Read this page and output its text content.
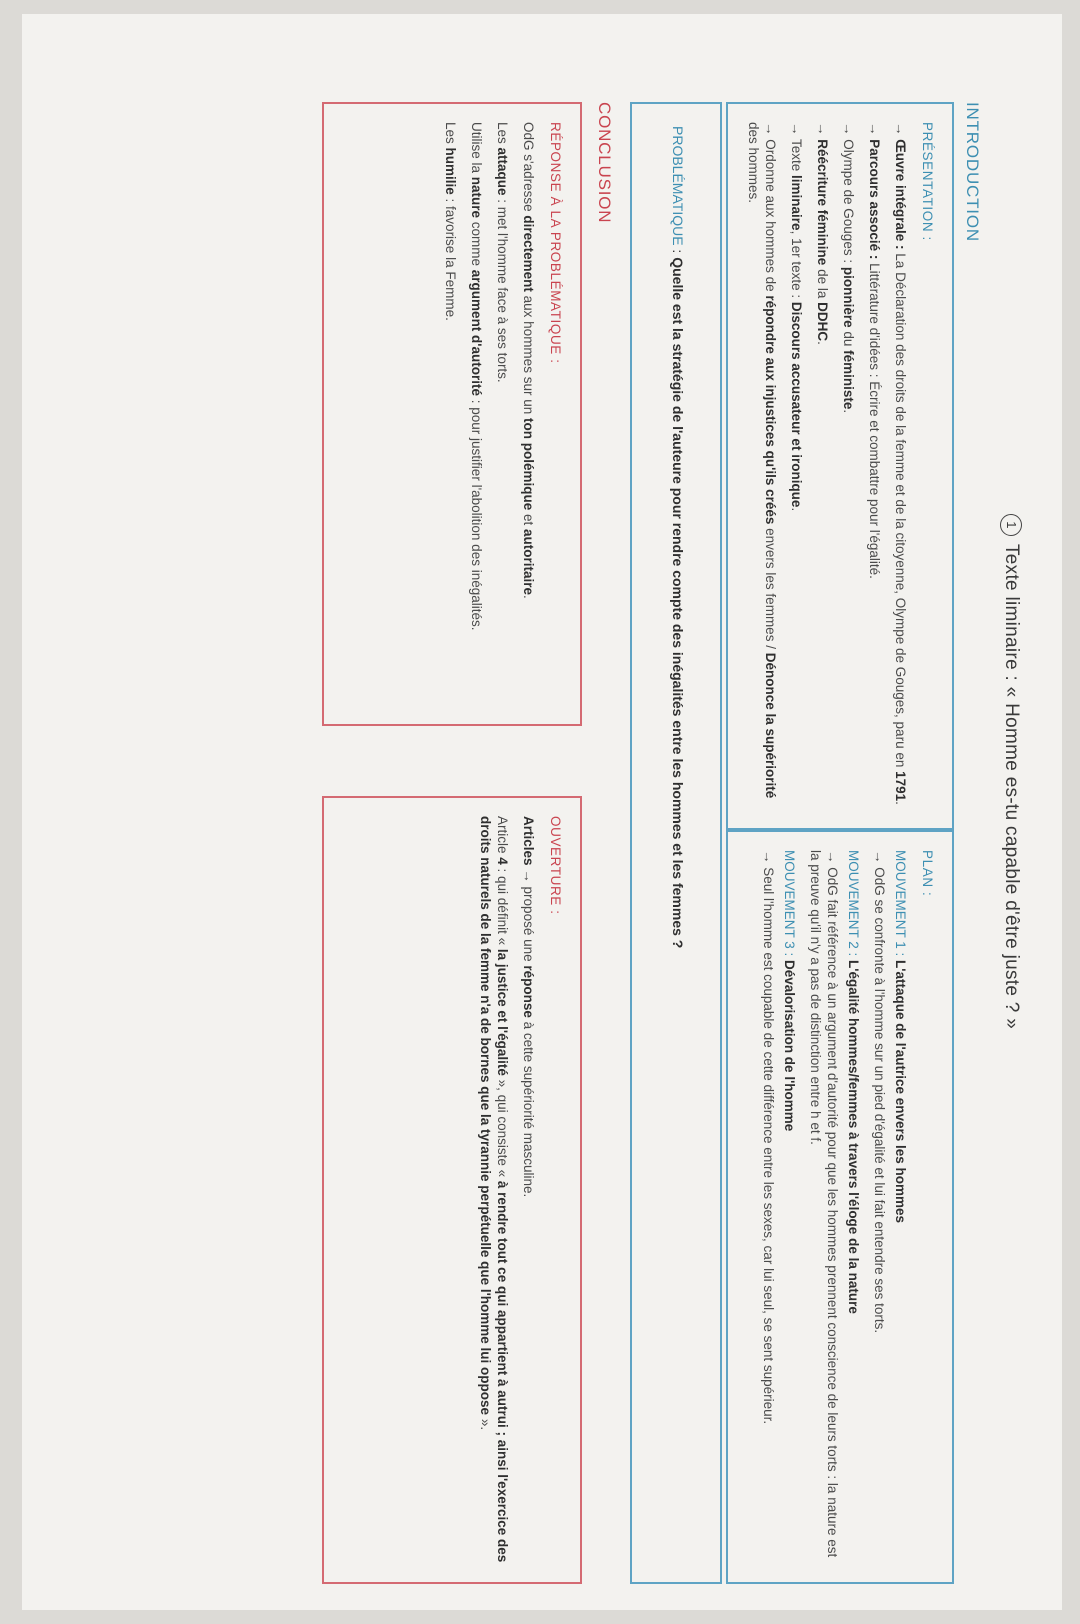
1Texte liminaire : « Homme es-tu capable d'être juste ? »
INTRODUCTION
PRÉSENTATION :

→ Œuvre intégrale : La Déclaration des droits de la femme et de la citoyenne, Olympe de Gouges, paru en 1791.

→ Parcours associé : Littérature d'idées : Écrire et combattre pour l'égalité.

→ Olympe de Gouges : pionnière du féministe.

→ Réécriture féminine de la DDHC.

→ Texte liminaire, 1er texte : Discours accusateur et ironique.

→ Ordonne aux hommes de répondre aux injustices qu'ils créés envers les femmes / Dénonce la supériorité des hommes.

PLAN :

MOUVEMENT 1 : L'attaque de l'autrice envers les hommes

→ OdG se confronte à l'homme sur un pied d'égalité et lui fait entendre ses torts.

MOUVEMENT 2 : L'égalité hommes/femmes à travers l'éloge de la nature

→ OdG fait référence à un argument d'autorité pour que les hommes prennent conscience de leurs torts : la nature est la preuve qu'il n'y a pas de distinction entre h et f.

MOUVEMENT 3 : Dévalorisation de l'homme

→ Seul l'homme est coupable de cette différence entre les sexes, car lui seul, se sent supérieur.

PROBLÉMATIQUE : Quelle est la stratégie de l'auteure pour rendre compte des inégalités entre les hommes et les femmes ?
CONCLUSION
RÉPONSE À LA PROBLÉMATIQUE :

OdG s'adresse directement aux hommes sur un ton polémique et autoritaire.

Les attaque : met l'homme face à ses torts.

Utilise la nature comme argument d'autorité : pour justifier l'abolition des inégalités.

Les humilie : favorise la Femme.

OUVERTURE :

Articles → proposé une réponse à cette supériorité masculine.

Article 4 : qui définit « la justice et l'égalité », qui consiste « à rendre tout ce qui appartient à autrui ; ainsi l'exercice des droits naturels de la femme n'a de bornes que la tyrannie perpétuelle que l'homme lui oppose ».
